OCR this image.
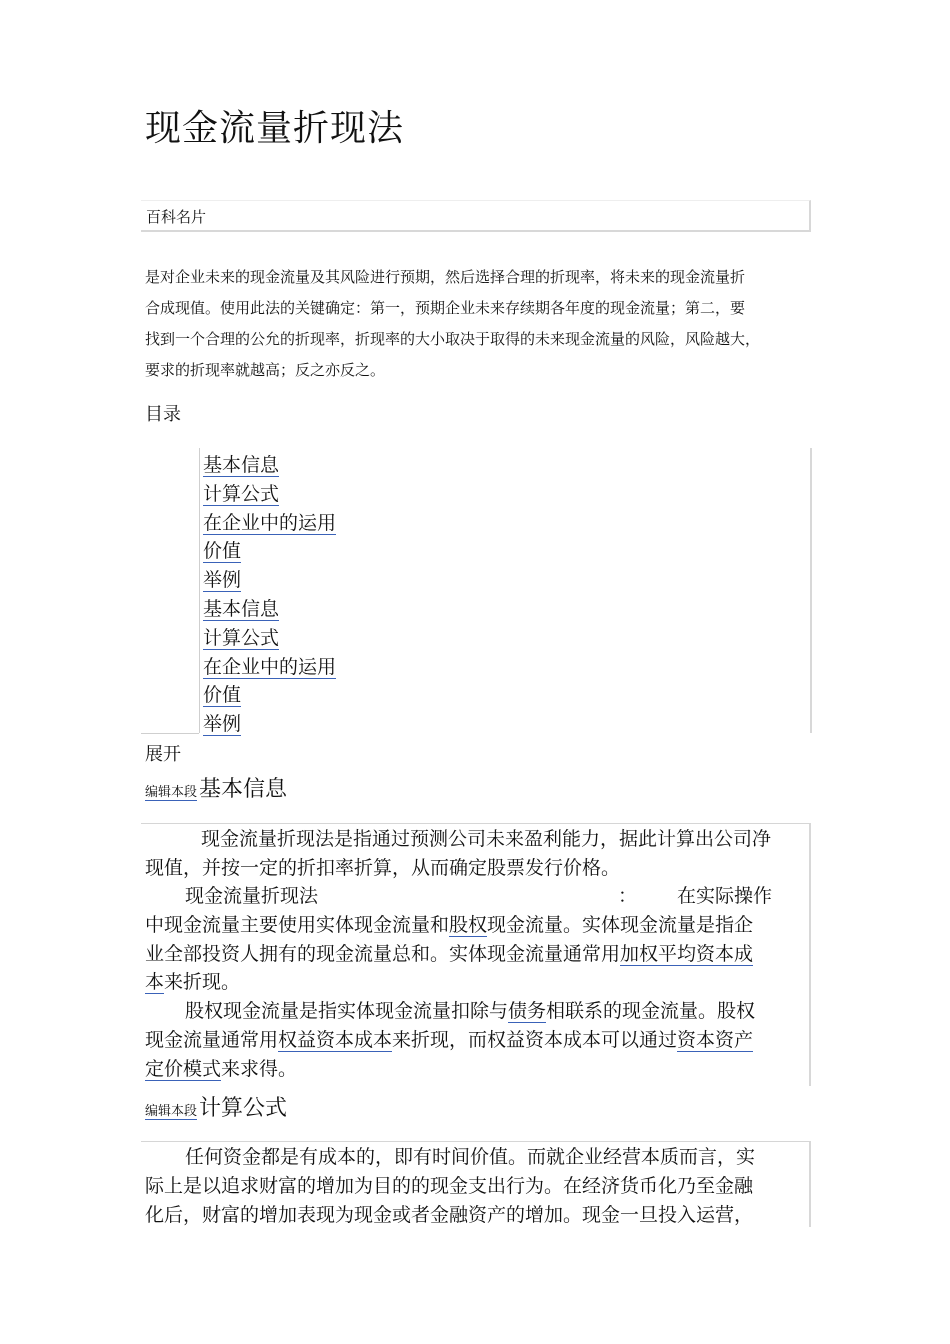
现金流量折现法
百科名片

是对企业未来的现金流量及其风险进行预期，然后选择合理的折现率，将未来的现金流量折
合成现值。使用此法的关键确定：第一，预期企业未来存续期各年度的现金流量；第二，要
找到一个合理的公允的折现率，折现率的大小取决于取得的未来现金流量的风险，风险越大，
要求的折现率就越高；反之亦反之。

目录
基本信息
计算公式
在企业中的运用
价值
举例
基本信息
计算公式
在企业中的运用
价值
举例
展开
编辑本段基本信息

现金流量折现法是指通过预测公司未来盈利能力，据此计算出公司净
现值，并按一定的折扣率折算，从而确定股票发行价格。

现金流量折现法	： 在实际操作
中现金流量主要使用实体现金流量和股权现金流量。实体现金流量是指企
业全部投资人拥有的现金流量总和。实体现金流量通常用加权平均资本成
本来折现。

股权现金流量是指实体现金流量扣除与债务相联系的现金流量。股权
现金流量通常用权益资本成本来折现，而权益资本成本可以通过资本资产
定价模式来求得。

编辑本段计算公式

任何资金都是有成本的，即有时间价值。而就企业经营本质而言，实
际上是以追求财富的增加为目的的现金支出行为。在经济货币化乃至金融
化后，财富的增加表现为现金或者金融资产的增加。现金一旦投入运营，
